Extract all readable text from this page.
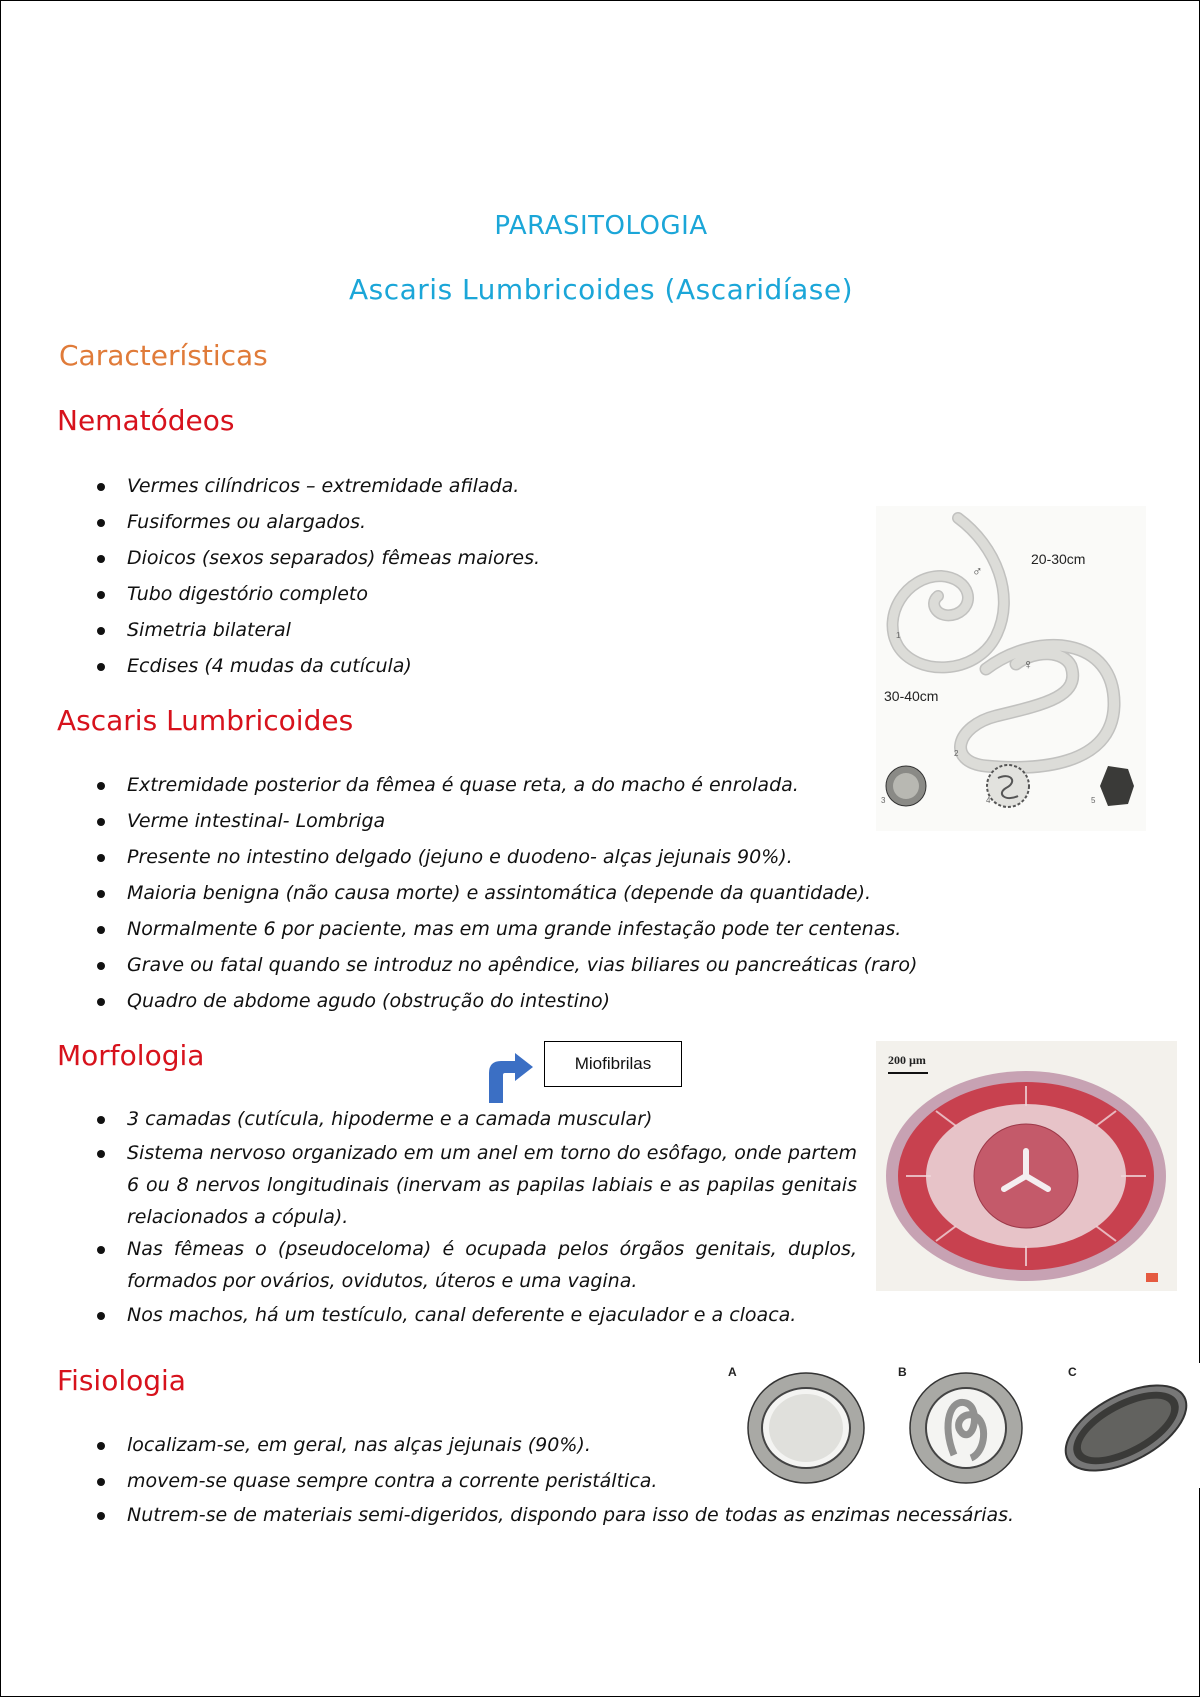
PARASITOLOGIA
Ascaris Lumbricoides (Ascaridíase)
Características
Nematódeos
Vermes cilíndricos – extremidade afilada.
Fusiformes ou alargados.
Dioicos (sexos separados) fêmeas maiores.
Tubo digestório completo
Simetria bilateral
Ecdises (4 mudas da cutícula)
20-30cm
30-40cm
♂
♀
1
2
3	4	5
Ascaris Lumbricoides
Extremidade posterior da fêmea é quase reta, a do macho é enrolada.
Verme intestinal- Lombriga
Presente no intestino delgado (jejuno e duodeno- alças jejunais 90%).
Maioria benigna (não causa morte) e assintomática (depende da quantidade).
Normalmente 6 por paciente, mas em uma grande infestação pode ter centenas.
Grave ou fatal quando se introduz no apêndice, vias biliares ou pancreáticas (raro)
Quadro de abdome agudo (obstrução do intestino)
Morfologia	Miofibrilas
3 camadas (cutícula, hipoderme e a camada muscular)
Sistema nervoso organizado em um anel em torno do esôfago, onde partem 6 ou 8 nervos longitudinais (inervam as papilas labiais e as papilas genitais relacionados a cópula).
Nas fêmeas o (pseudoceloma) é ocupada pelos órgãos genitais, duplos, formados por ovários, ovidutos, úteros e uma vagina.
Nos machos, há um testículo, canal deferente e ejaculador e a cloaca.
200 µm
Fisiologia	A	B	C
localizam-se, em geral, nas alças jejunais (90%).
movem-se quase sempre contra a corrente peristáltica.
Nutrem-se de materiais semi-digeridos, dispondo para isso de todas as enzimas necessárias.
